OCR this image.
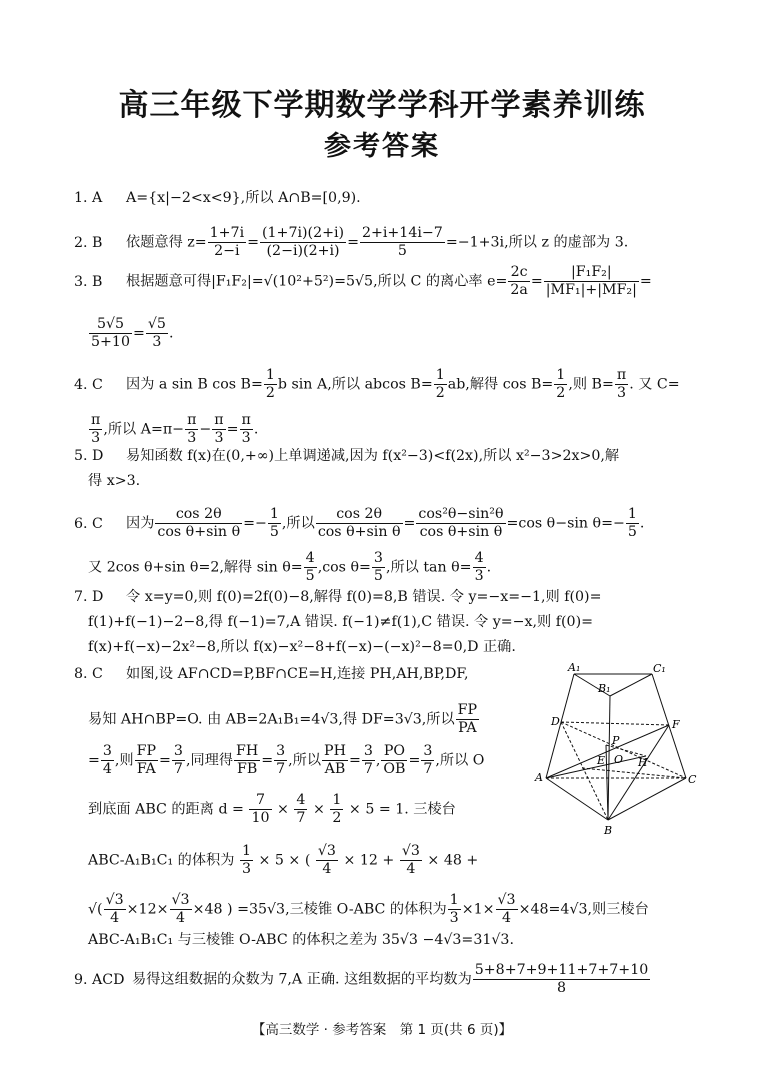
高三年级下学期数学学科开学素养训练
参考答案
1. A A={x|−2<x<9},所以 A∩B=[0,9).
2. B 依题意得 $z= \frac{1+7i}{2-i} = \frac{(1+7i)(2+i)}{(2-i)(2+i)} = \frac{2+i+14i-7}{5} =-1+3i$,所以 z 的虚部为 3.
3. B 根据题意可得|F₁F₂|=√(10²+5²)=5√5,所以 C 的离心率 $e= \frac{2c}{2a} = \frac{\text{|F₁F₂|}}{\text{|MF₁|+|MF₂|}}$ =
$\frac{5√5}{5+10} = \frac{√5}{3}$ .
4. C 因为 a sin B $\cos B= \frac{1}{2}$ b sin A,所以 abcos $B= \frac{1}{2}$ ab,解得 $\cos B= \frac{1}{2}$ ,则 $B= \frac{\pi}{3}$ . 又 C=
$\frac{\pi}{3}$ ,所以 $A=\pi- \frac{\pi}{3} - \frac{\pi}{3} = \frac{\pi}{3}$ .
5. D 易知函数 f(x)在(0,+∞)上单调递减,因为 f(x²−3)<f(2x),所以 x²−3>2x>0,解
得 x>3.
6. C 因为 $\frac{\cos 2\theta}{\text{cos θ+sin θ}} =- \frac{1}{5}$ ,所以 $\frac{\cos 2\theta}{\text{cos θ+sin θ}} = \frac{\text{cos²θ−sin²θ}}{\text{cos θ+sin θ}} =\cos$ θ−sin $\theta=- \frac{1}{5}$ .
又 2cos θ+sin θ=2,解得 $\sin \theta= \frac{4}{5} ,\cos$ $\theta= \frac{3}{5}$ ,所以 $\tan \theta= \frac{4}{3}$ .
7. D 令 x=y=0,则 f(0)=2f(0)−8,解得 f(0)=8,B 错误. 令 y=−x=−1,则 f(0)=
f(1)+f(−1)−2−8,得 f(−1)=7,A 错误. f(−1)≠f(1),C 错误. 令 y=−x,则 f(0)=
f(x)+f(−x)−2x²−8,所以 f(x)−x²−8+f(−x)−(−x)²−8=0,D 正确.
8. C 如图,设 AF∩CD=P,BF∩CE=H,连接 PH,AH,BP,DF,
易知 AH∩BP=O. 由 AB=2A₁B₁=4√3,得 DF=3√3,所以 $\frac{FP}{PA}$
= $\frac{3}{4}$ ,则 $\frac{FP}{FA} = \frac{3}{7}$ ,同理得 $\frac{FH}{FB} = \frac{3}{7}$ ,所以 $\frac{PH}{AB} = \frac{3}{7}$ , $\frac{PO}{OB} = \frac{3}{7}$ ,所以 O
到底面 ABC 的距离 $d = \frac{7}{10} \times \frac{4}{7} \times \frac{1}{2} \times 5 = 1$. 三棱台
ABC-A₁B₁C₁ 的体积为 $\frac{1}{3} \times 5$ × ( $\frac{√3}{4} \times 12 + \frac{√3}{4} \times 48$ +
√( $\frac{√3}{4} \times 12\times \frac{√3}{4} \times 48$ ) =35√3,三棱锥 O-ABC 的体积为 $\frac{1}{3} \times 1\times \frac{√3}{4} \times 48=4√3$,则三棱台
ABC-A₁B₁C₁ 与三棱锥 O-ABC 的体积之差为 35√3 −4√3=31√3.
9. ACD 易得这组数据的众数为 7,A 正确. 这组数据的平均数为 $\frac{5+8+7+9+11+7+7+10}{8}$
A₁
B₁
C₁
D	F
P
E O H
A	C
B
【高三数学 · 参考答案　第 1 页(共 6 页)】
